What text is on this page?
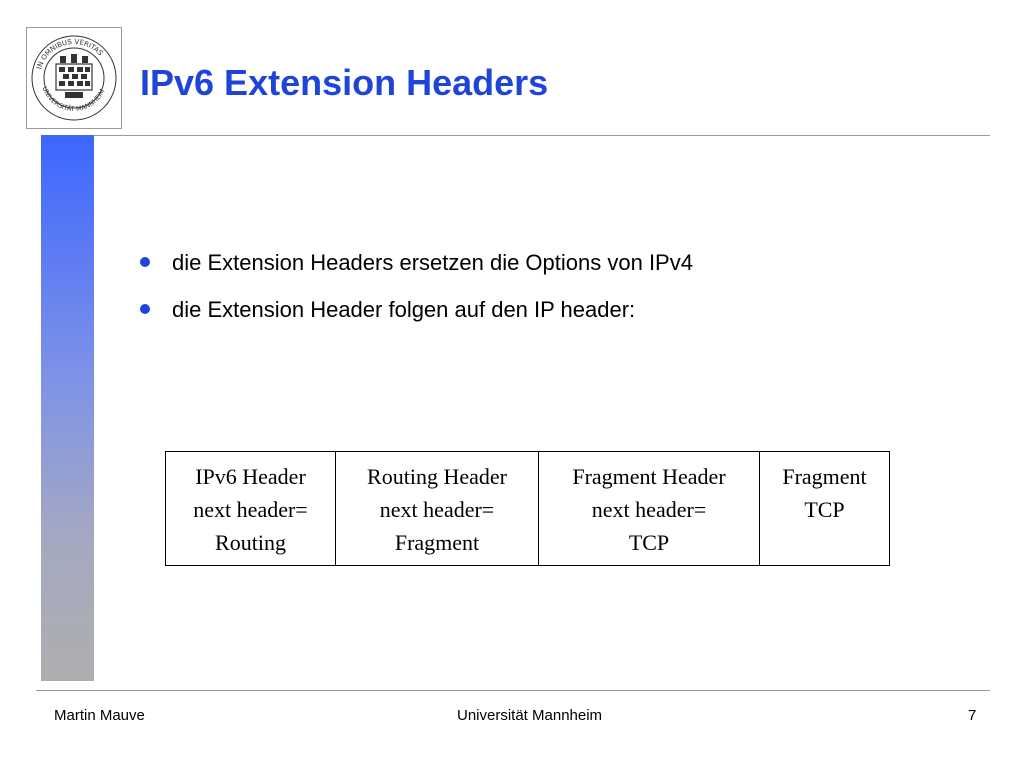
IN OMNIBUS VERITAS
UNIVERSITÄT MANNHEIM IPv6 Extension Headers
die Extension Headers ersetzen die Options von IPv4
die Extension Header folgen auf den IP header:
IPv6 Header
next header=
Routing

Routing Header
next header=
Fragment

Fragment Header
next header=
TCP

Fragment
TCP
Martin Mauve	Universität Mannheim	7
